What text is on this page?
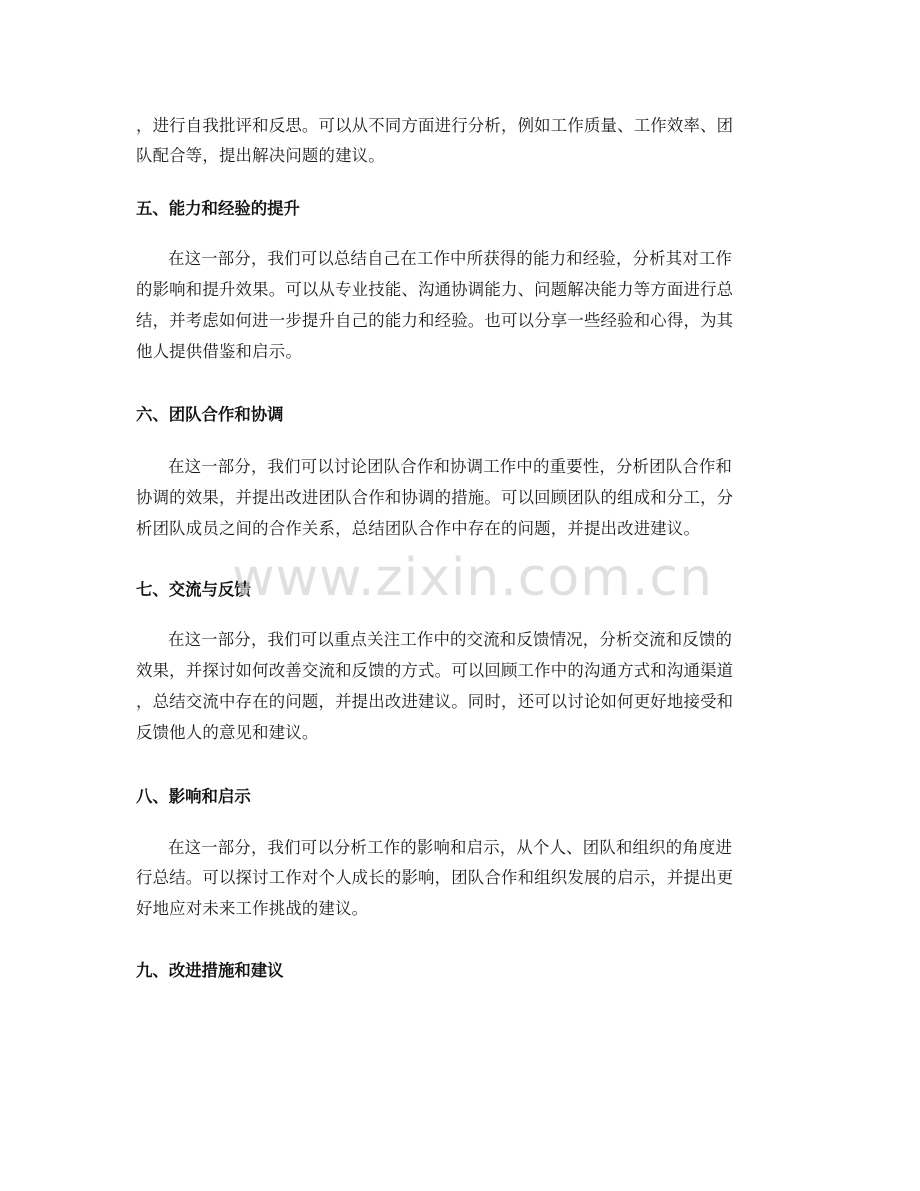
，进行自我批评和反思。可以从不同方面进行分析，例如工作质量、工作效率、团
队配合等，提出解决问题的建议。
五、能力和经验的提升
在这一部分，我们可以总结自己在工作中所获得的能力和经验，分析其对工作
的影响和提升效果。可以从专业技能、沟通协调能力、问题解决能力等方面进行总
结，并考虑如何进一步提升自己的能力和经验。也可以分享一些经验和心得，为其
他人提供借鉴和启示。
六、团队合作和协调
在这一部分，我们可以讨论团队合作和协调工作中的重要性，分析团队合作和
协调的效果，并提出改进团队合作和协调的措施。可以回顾团队的组成和分工，分
析团队成员之间的合作关系，总结团队合作中存在的问题，并提出改进建议。
七、交流与反馈
在这一部分，我们可以重点关注工作中的交流和反馈情况，分析交流和反馈的
效果，并探讨如何改善交流和反馈的方式。可以回顾工作中的沟通方式和沟通渠道
，总结交流中存在的问题，并提出改进建议。同时，还可以讨论如何更好地接受和
反馈他人的意见和建议。
八、影响和启示
在这一部分，我们可以分析工作的影响和启示，从个人、团队和组织的角度进
行总结。可以探讨工作对个人成长的影响，团队合作和组织发展的启示，并提出更
好地应对未来工作挑战的建议。
九、改进措施和建议
www.zixin.com.cn
